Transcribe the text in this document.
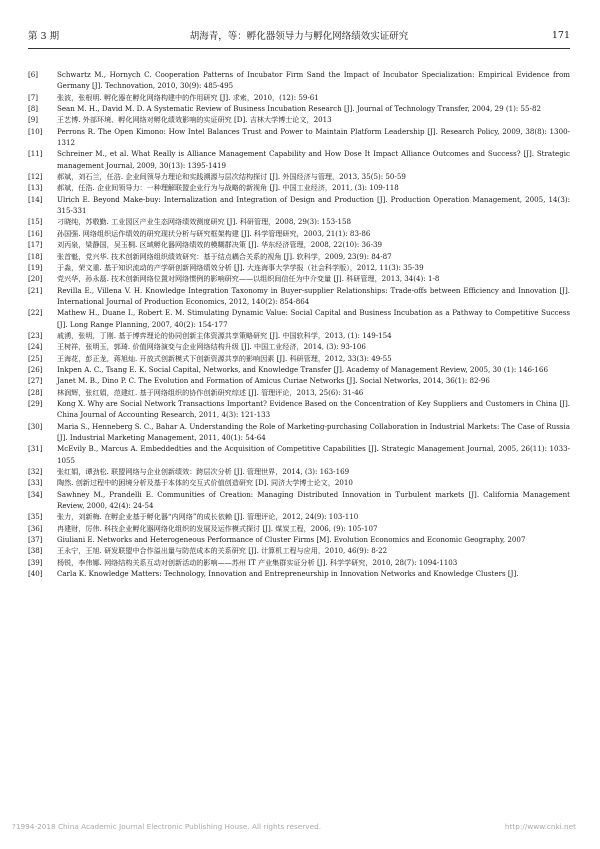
第 3 期	胡海青，等：孵化器领导力与孵化网络绩效实证研究	171
[6]	Schwartz M., Hornych C. Cooperation Patterns of Incubator Firm Sand the Impact of Incubator Specialization: Empirical Evidence from Germany [J]. Technovation, 2010, 30(9): 485-495
[7]	张波，张根明. 孵化器在孵化网络构建中的作用研究 [J]. 求索，2010，(12): 59-61
[8]	Sean M. H., David M. D. A Systematic Review of Business Incubation Research [J]. Journal of Technology Transfer, 2004, 29 (1): 55-82
[9]	王艺博. 外部环境、孵化网络对孵化绩效影响的实证研究 [D]. 吉林大学博士论文，2013
[10]	Perrons R. The Open Kimono: How Intel Balances Trust and Power to Maintain Platform Leadership [J]. Research Policy, 2009, 38(8): 1300-1312
[11]	Schreiner M., et al. What Really is Alliance Management Capability and How Dose It Impact Alliance Outcomes and Success? [J]. Strategic management Journal, 2009, 30(13): 1395-1419
[12]	郝斌，刘石兰，任浩. 企业间领导力理论和实践溯源与层次结构探讨 [J]. 外国经济与管理，2013, 35(5): 50-59
[13]	郝斌，任浩. 企业间领导力：一种理解联盟企业行为与战略的新视角 [J]. 中国工业经济，2011, (3): 109-118
[14]	Ulrich E. Beyond Make-buy: Internalization and Integration of Design and Production [J]. Production Operation Management, 2005, 14(3): 315-331
[15]	刁晓纯，苏敬勤. 工业园区产业生态网络绩效测度研究 [J]. 科研管理，2008, 29(3): 153-158
[16]	孙国强. 网络组织运作绩效的研究现状分析与研究框架构建 [J]. 科学管理研究，2003, 21(1): 83-86
[17]	刘丙泉，梁静国，吴玉桐. 区域孵化器网络绩效的模糊群决策 [J]. 华东经济管理，2008, 22(10): 36-39
[18]	张首魁，党兴华. 技术创新网络组织绩效研究：基于结点耦合关系的视角 [J]. 软科学，2009, 23(9): 84-87
[19]	于淼，荣文重. 基于知识流动的产学研创新网络绩效分析 [J]. 大连海事大学学报（社会科学版），2012, 11(3): 35-39
[20]	党兴华，孙永磊. 技术创新网络位置对网络惯例的影响研究——以组织间信任为中介变量 [J]. 科研管理，2013, 34(4): 1-8
[21]	Revilla E., Villena V. H. Knowledge Integration Taxonomy in Buyer-supplier Relationships: Trade-offs between Efficiency and Innovation [J]. International Journal of Production Economics, 2012, 140(2): 854-864
[22]	Mathew H., Duane I., Robert E. M. Stimulating Dynamic Value: Social Capital and Business Incubation as a Pathway to Competitive Success [J]. Long Range Planning, 2007, 40(2): 154-177
[23]	戚湧，张明，丁刚. 基于博弈理论的协同创新主体资源共享策略研究 [J]. 中国软科学，2013, (1): 149-154
[24]	王树祥，张明玉，郭琦. 价值网络演变与企业网络结构升级 [J]. 中国工业经济，2014, (3): 93-106
[25]	王海花，彭正龙，蒋旭灿. 开放式创新模式下创新资源共享的影响因素 [J]. 科研管理，2012, 33(3): 49-55
[26]	Inkpen A. C., Tsang E. K. Social Capital, Networks, and Knowledge Transfer [J]. Academy of Management Review, 2005, 30 (1): 146-166
[27]	Janet M. B., Dino P. C. The Evolution and Formation of Amicus Curiae Networks [J]. Social Networks, 2014, 36(1): 82-96
[28]	林润辉，张红娟，范建红. 基于网络组织的协作创新研究综述 [J]. 管理评论，2013, 25(6): 31-46
[29]	Kong X. Why are Social Network Transactions Important? Evidence Based on the Concentration of Key Suppliers and Customers in China [J]. China Journal of Accounting Research, 2011, 4(3): 121-133
[30]	Maria S., Henneberg S. C., Bahar A. Understanding the Role of Marketing-purchasing Collaboration in Industrial Markets: The Case of Russia [J]. Industrial Marketing Management, 2011, 40(1): 54-64
[31]	McEvily B., Marcus A. Embeddedties and the Acquisition of Competitive Capabilities [J]. Strategic Management Journal, 2005, 26(11): 1033-1055
[32]	张红娟，谭劲松. 联盟网络与企业创新绩效：跨层次分析 [J]. 管理世界，2014, (3): 163-169
[33]	陶然. 创新过程中的困境分析及基于本体的交互式价值创造研究 [D]. 同济大学博士论文，2010
[34]	Sawhney M., Prandelli E. Communities of Creation: Managing Distributed Innovation in Turbulent markets [J]. California Management Review, 2000, 42(4): 24-54
[35]	张力，刘新梅. 在孵企业基于孵化器“内网络”的成长依赖 [J]. 管理评论，2012, 24(9): 103-110
[36]	冉建财，厉伟. 科技企业孵化器网络化组织的发展及运作模式探讨 [J]. 煤炭工程，2006, (9): 105-107
[37]	Giuliani E. Networks and Heterogeneous Performance of Cluster Firms [M]. Evolution Economics and Economic Geography, 2007
[38]	王永宁，王旭. 研发联盟中合作溢出量与防范成本的关系研究 [J]. 计算机工程与应用，2010, 46(9): 8-22
[39]	杨锐，李伟娜. 网络结构关系互动对创新活动的影响——苏州 IT 产业集群实证分析 [J]. 科学学研究，2010, 28(7): 1094-1103
[40]	Carla K. Knowledge Matters: Technology, Innovation and Entrepreneurship in Innovation Networks and Knowledge Clusters [J].
?1994-2018 China Academic Journal Electronic Publishing House. All rights reserved.	http://www.cnki.net
